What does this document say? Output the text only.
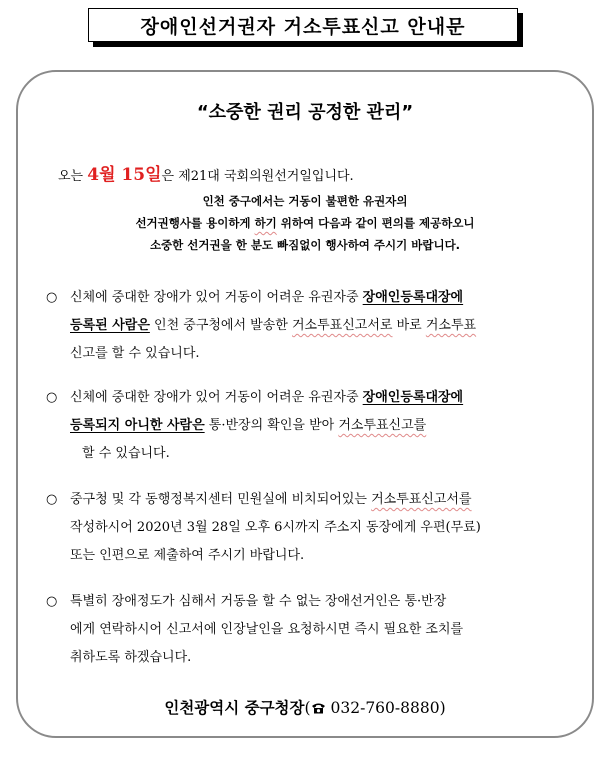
장애인선거권자 거소투표신고 안내문
“소중한 권리 공정한 관리”
오는 4월 15일은 제21대 국회의원선거일입니다.
인천 중구에서는 거동이 불편한 유권자의
선거권행사를 용이하게 하기 위하여 다음과 같이 편의를 제공하오니
소중한 선거권을 한 분도 빠짐없이 행사하여 주시기 바랍니다.
○ 신체에 중대한 장애가 있어 거동이 어려운 유권자중 장애인등록대장에
등록된 사람은 인천 중구청에서 발송한 거소투표신고서로 바로 거소투표
신고를 할 수 있습니다.
○ 신체에 중대한 장애가 있어 거동이 어려운 유권자중 장애인등록대장에
등록되지 아니한 사람은 통·반장의 확인을 받아 거소투표신고를
할 수 있습니다.
○ 중구청 및 각 동행정복지센터 민원실에 비치되어있는 거소투표신고서를
작성하시어 2020년 3월 28일 오후 6시까지 주소지 동장에게 우편(무료)
또는 인편으로 제출하여 주시기 바랍니다.
○ 특별히 장애정도가 심해서 거동을 할 수 없는 장애선거인은 통·반장
에게 연락하시어 신고서에 인장날인을 요청하시면 즉시 필요한 조치를
취하도록 하겠습니다.
인천광역시 중구청장( 032-760-8880)
